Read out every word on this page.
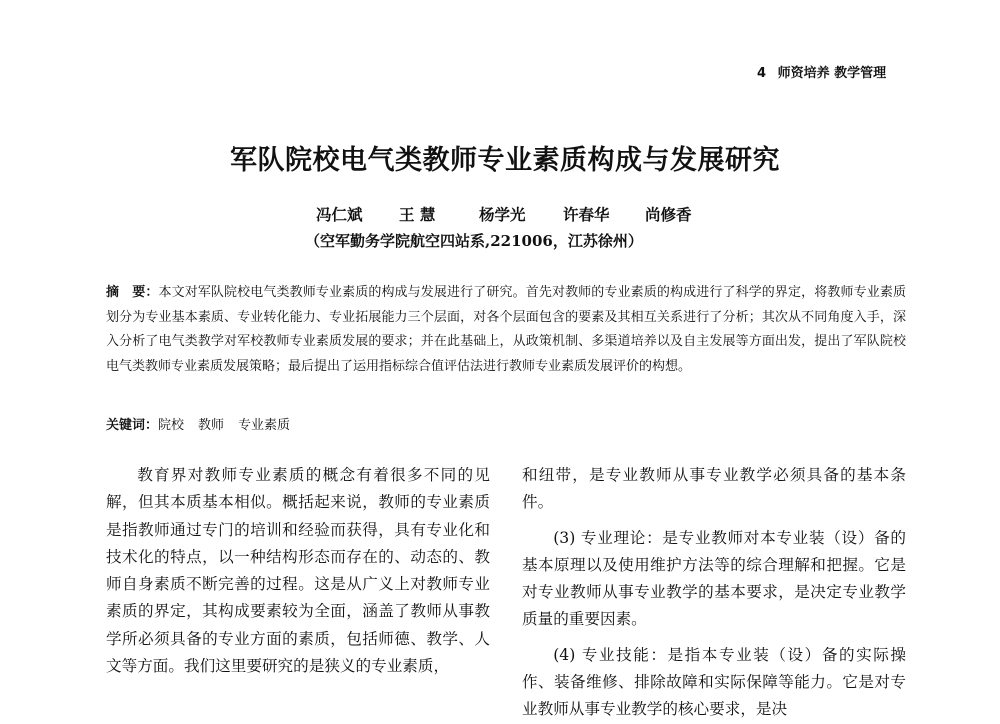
4 师资培养 教学管理
军队院校电气类教师专业素质构成与发展研究
冯仁斌	王 慧	杨学光	许春华	尚修香
（空军勤务学院航空四站系,221006，江苏徐州）
摘　要：本文对军队院校电气类教师专业素质的构成与发展进行了研究。首先对教师的专业素质的构成进行了科学的界定，将教师专业素质划分为专业基本素质、专业转化能力、专业拓展能力三个层面，对各个层面包含的要素及其相互关系进行了分析；其次从不同角度入手，深入分析了电气类教学对军校教师专业素质发展的要求；并在此基础上，从政策机制、多渠道培养以及自主发展等方面出发，提出了军队院校电气类教师专业素质发展策略；最后提出了运用指标综合值评估法进行教师专业素质发展评价的构想。
关键词：院校 教师 专业素质

教育界对教师专业素质的概念有着很多不同的见解，但其本质基本相似。概括起来说，教师的专业素质是指教师通过专门的培训和经验而获得，具有专业化和技术化的特点，以一种结构形态而存在的、动态的、教师自身素质不断完善的过程。这是从广义上对教师专业素质的界定，其构成要素较为全面，涵盖了教师从事教学所必须具备的专业方面的素质，包括师德、教学、人文等方面。我们这里要研究的是狭义的专业素质，

和纽带，是专业教师从事专业教学必须具备的基本条件。

(3) 专业理论：是专业教师对本专业装（设）备的基本原理以及使用维护方法等的综合理解和把握。它是对专业教师从事专业教学的基本要求，是决定专业教学质量的重要因素。

(4) 专业技能：是指本专业装（设）备的实际操作、装备维修、排除故障和实际保障等能力。它是对专业教师从事专业教学的核心要求，是决
